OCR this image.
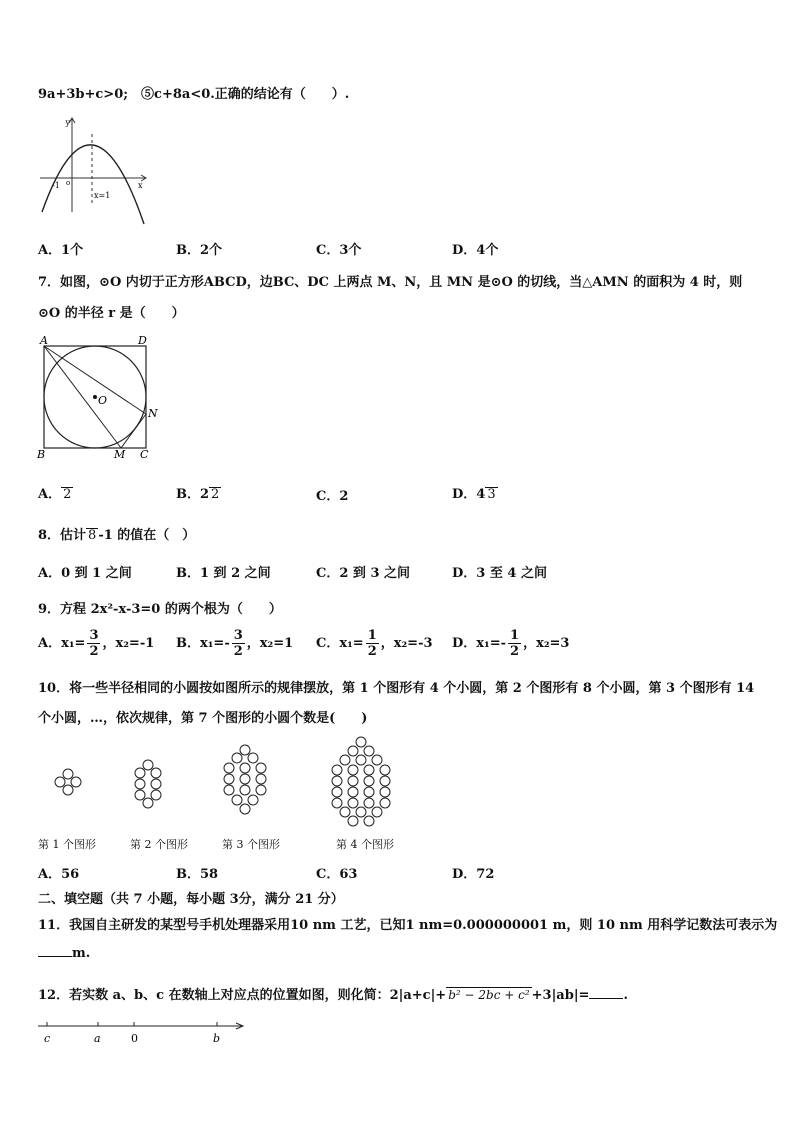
9a+3b+c>0;　⑤c+8a<0.正确的结论有（　　）.
y
x
-1 o
x=1
A．1个	B．2个	C．3个	D．4个
7．如图，⊙O 内切于正方形ABCD，边BC、DC 上两点 M、N，且 MN 是⊙O 的切线，当△AMN 的面积为 4 时，则
⊙O 的半径 r 是（　　）
A	D
B	C
M
N
O
A． 2	B．2 2	C．2	D．4 3
8．估计 8 -1 的值在（　）
A．0 到 1 之间	B．1 到 2 之间	C．2 到 3 之间	D．3 至 4 之间
9．方程 2x²-x-3=0 的两个根为（　　）
A．$x_1= \frac{3}{2}$ ，x₂=-1 B．$x_1=- \frac{3}{2}$ ，x₂=1 C．$x_1= \frac{1}{2}$ ，x₂=-3 D．$x_1=- \frac{1}{2}$ ，x₂=3
10．将一些半径相同的小圆按如图所示的规律摆放，第 1 个图形有 4 个小圆，第 2 个图形有 8 个小圆，第 3 个图形有 14
个小圆，…，依次规律，第 7 个图形的小圆个数是(　　)
第 1 个图形	第 2 个图形	第 3 个图形	第 4 个图形
A．56	B．58	C．63	D．72
二、填空题（共 7 小题，每小题 3分，满分 21 分）
11．我国自主研发的某型号手机处理器采用10 nm 工艺，已知1 nm=0.000000001 m，则 10 nm 用科学记数法可表示为
m.
12．若实数 a、b、c 在数轴上对应点的位置如图，则化简：2|a+c|+ b² − 2bc + c² +3|ab|=	.
c	a	0	b
